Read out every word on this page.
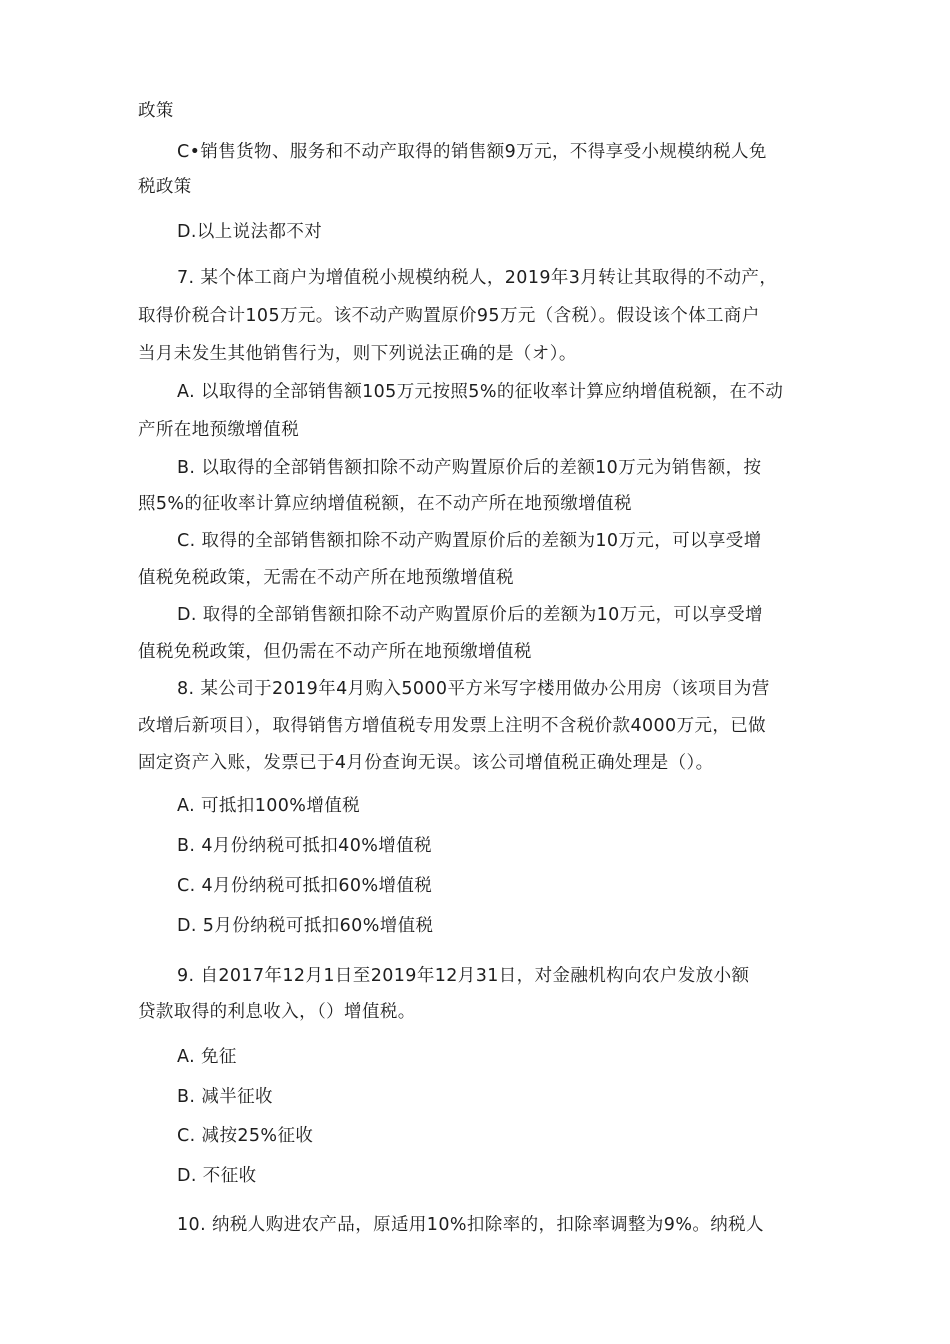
政策

C•销售货物、服务和不动产取得的销售额9万元，不得享受小规模纳税人免

税政策

D.以上说法都不对

7. 某个体工商户为增值税小规模纳税人，2019年3月转让其取得的不动产，

取得价税合计105万元。该不动产购置原价95万元（含税）。假设该个体工商户

当月未发生其他销售行为，则下列说法正确的是（オ）。

A. 以取得的全部销售额105万元按照5%的征收率计算应纳增值税额，在不动

产所在地预缴增值税

B. 以取得的全部销售额扣除不动产购置原价后的差额10万元为销售额，按

照5%的征收率计算应纳增值税额，在不动产所在地预缴增值税

C. 取得的全部销售额扣除不动产购置原价后的差额为10万元，可以享受增

值税免税政策，无需在不动产所在地预缴增值税

D. 取得的全部销售额扣除不动产购置原价后的差额为10万元，可以享受增

值税免税政策，但仍需在不动产所在地预缴增值税

8. 某公司于2019年4月购入5000平方米写字楼用做办公用房（该项目为营

改增后新项目），取得销售方增值税专用发票上注明不含税价款4000万元，已做

固定资产入账，发票已于4月份查询无误。该公司增值税正确处理是（）。

A. 可抵扣100%增值税

B. 4月份纳税可抵扣40%增值税

C. 4月份纳税可抵扣60%增值税

D. 5月份纳税可抵扣60%增值税

9. 自2017年12月1日至2019年12月31日，对金融机构向农户发放小额

贷款取得的利息收入，（）增值税。

A. 免征

B. 减半征收

C. 减按25%征收

D. 不征收

10. 纳税人购进农产品，原适用10%扣除率的，扣除率调整为9%。纳税人
